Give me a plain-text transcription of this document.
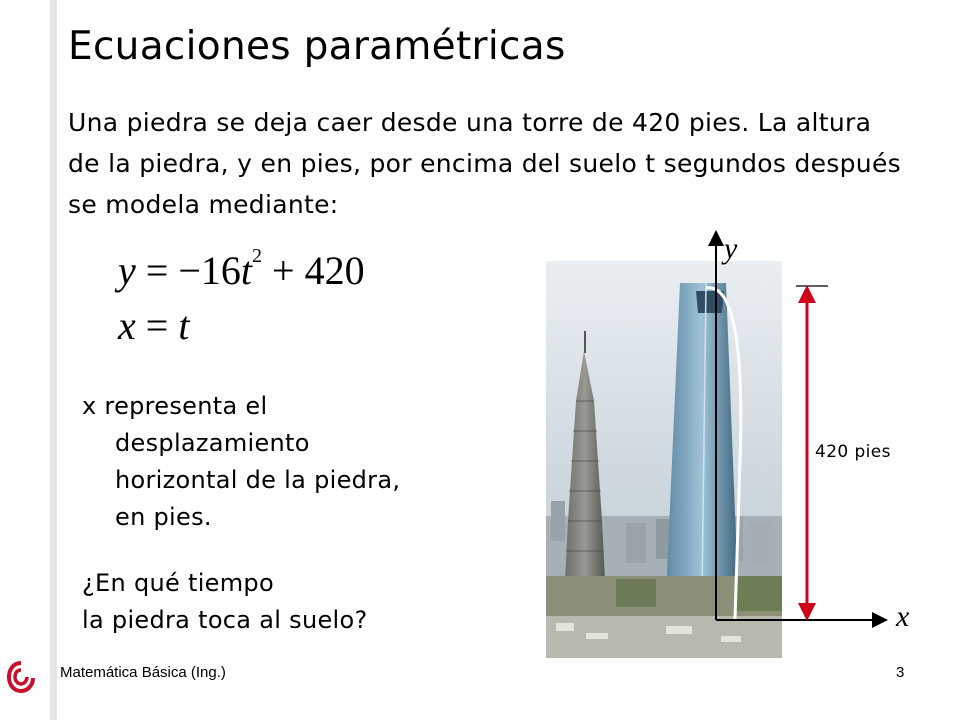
Ecuaciones paramétricas
Una piedra se deja caer desde una torre de 420 pies. La altura de la piedra, y en pies, por encima del suelo t segundos después se modela mediante:
$y = -16t^2 + 420$
x = t
x representa el
desplazamiento
horizontal de la piedra,
en pies.
¿En qué tiempo
la piedra toca al suelo?
y
x
420 pies
Matemática Básica (Ing.)	3
